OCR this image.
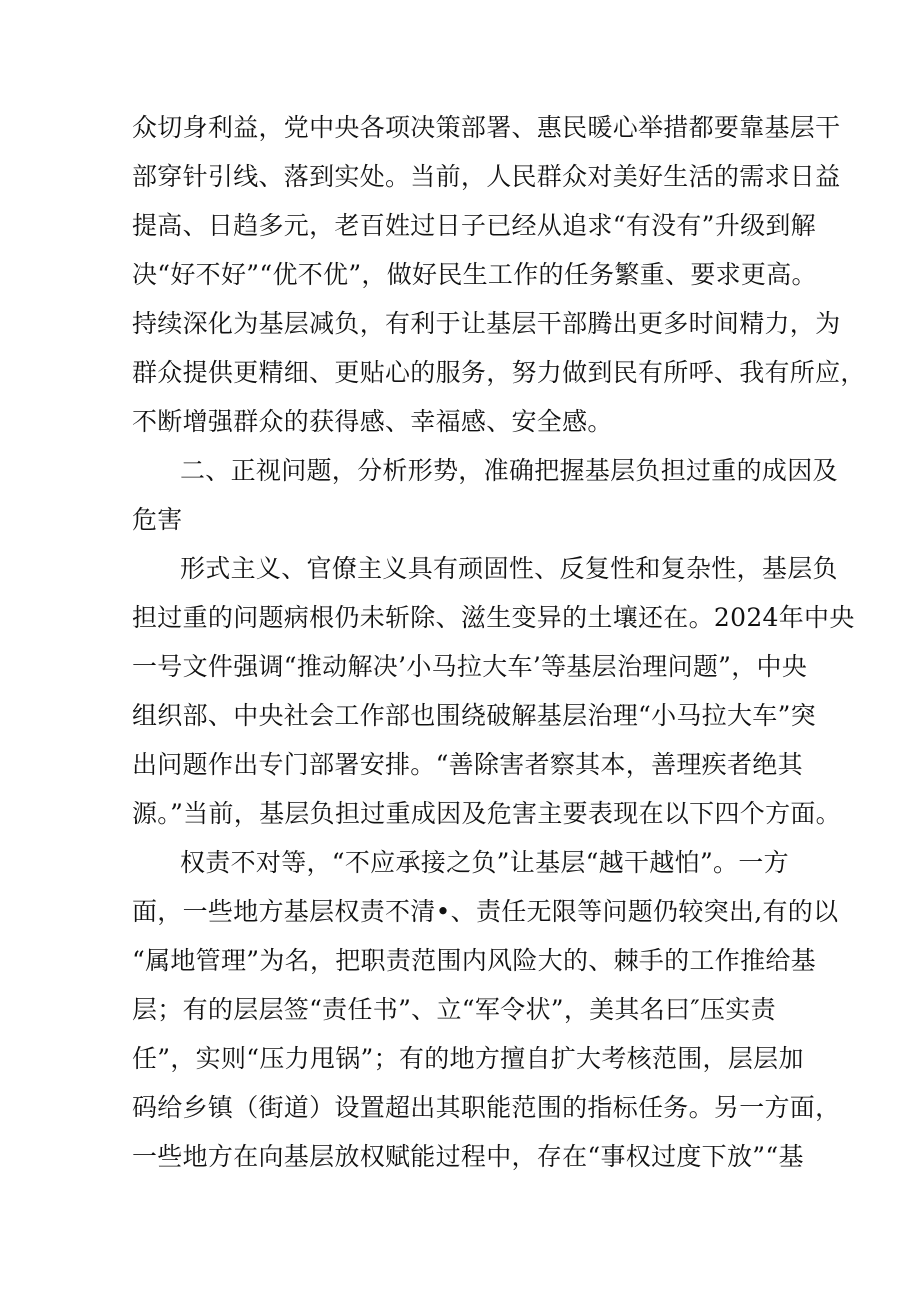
众切身利益，党中央各项决策部署、惠民暖心举措都要靠基层干
部穿针引线、落到实处。当前，人民群众对美好生活的需求日益
提高、日趋多元，老百姓过日子已经从追求“有没有”升级到解
决“好不好”“优不优”，做好民生工作的任务繁重、要求更高。
持续深化为基层减负，有利于让基层干部腾出更多时间精力，为
群众提供更精细、更贴心的服务，努力做到民有所呼、我有所应，
不断增强群众的获得感、幸福感、安全感。
二、正视问题，分析形势，准确把握基层负担过重的成因及
危害
形式主义、官僚主义具有顽固性、反复性和复杂性，基层负
担过重的问题病根仍未斩除、滋生变异的土壤还在。2024年中央
一号文件强调“推动解决’小马拉大车’等基层治理问题”，中央
组织部、中央社会工作部也围绕破解基层治理“小马拉大车”突
出问题作出专门部署安排。“善除害者察其本，善理疾者绝其
源。”当前，基层负担过重成因及危害主要表现在以下四个方面。
权责不对等，“不应承接之负”让基层“越干越怕”。一方
面，一些地方基层权责不清•、责任无限等问题仍较突出,有的以
“属地管理”为名，把职责范围内风险大的、棘手的工作推给基
层；有的层层签“责任书”、立“军令状”，美其名曰″压实责
任”，实则“压力甩锅”；有的地方擅自扩大考核范围，层层加
码给乡镇（街道）设置超出其职能范围的指标任务。另一方面，
一些地方在向基层放权赋能过程中，存在“事权过度下放”“基
